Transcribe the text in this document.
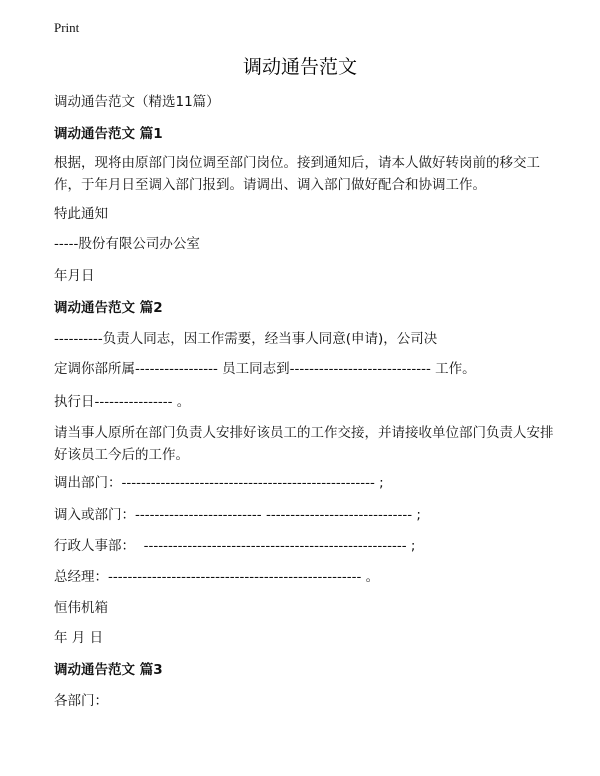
Print
调动通告范文
调动通告范文（精选11篇）
调动通告范文 篇1
根据，现将由原部门岗位调至部门岗位。接到通知后，请本人做好转岗前的移交工作，于年月日至调入部门报到。请调出、调入部门做好配合和协调工作。
特此通知
-----股份有限公司办公室
年月日
调动通告范文 篇2
----------负责人同志，因工作需要，经当事人同意(申请)，公司决
定调你部所属----------------- 员工同志到----------------------------- 工作。
执行日---------------- 。
请当事人原所在部门负责人安排好该员工的工作交接，并请接收单位部门负责人安排好该员工今后的工作。
调出部门：---------------------------------------------------- ;
调入或部门：-------------------------- ------------------------------ ;
行政人事部：  ------------------------------------------------------ ;
总经理：---------------------------------------------------- 。
恒伟机箱
年 月 日
调动通告范文 篇3
各部门：
